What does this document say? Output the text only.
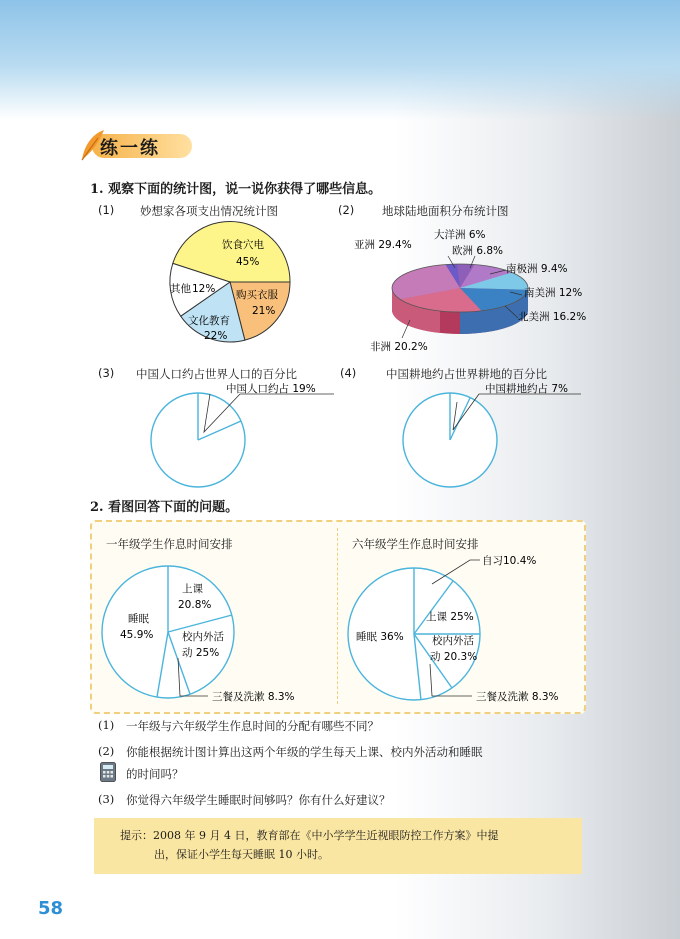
练一练
1. 观察下面的统计图，说一说你获得了哪些信息。
(1) 妙想家各项支出情况统计图	(2) 地球陆地面积分布统计图
饮食穴电
45%
购买衣服
21%
文化教育
22%
其他 12%
大洋洲 6%
欧洲 6.8%
南极洲 9.4%
南美洲 12%
北美洲 16.2%
非洲 20.2%
亚洲 29.4%
(3) 中国人口约占世界人口的百分比	(4)	中国耕地约占世界耕地的百分比
中国人口约占 19%	中国耕地约占 7%
2. 看图回答下面的问题。
一年级学生作息时间安排	六年级学生作息时间安排
上课
20.8%
校内外活
动 25%
睡眠
45.9%
三餐及洗漱 8.3%
自习10.4%
上课 25%
校内外活
动 20.3%
睡眠 36%
三餐及洗漱 8.3%
(1) 一年级与六年级学生作息时间的分配有哪些不同？
(2) 你能根据统计图计算出这两个年级的学生每天上课、校内外活动和睡眠
的时间吗？
(3) 你觉得六年级学生睡眠时间够吗？你有什么好建议？
提示：2008 年 9 月 4 日，教育部在《中小学学生近视眼防控工作方案》中提
出，保证小学生每天睡眠 10 小时。
58
